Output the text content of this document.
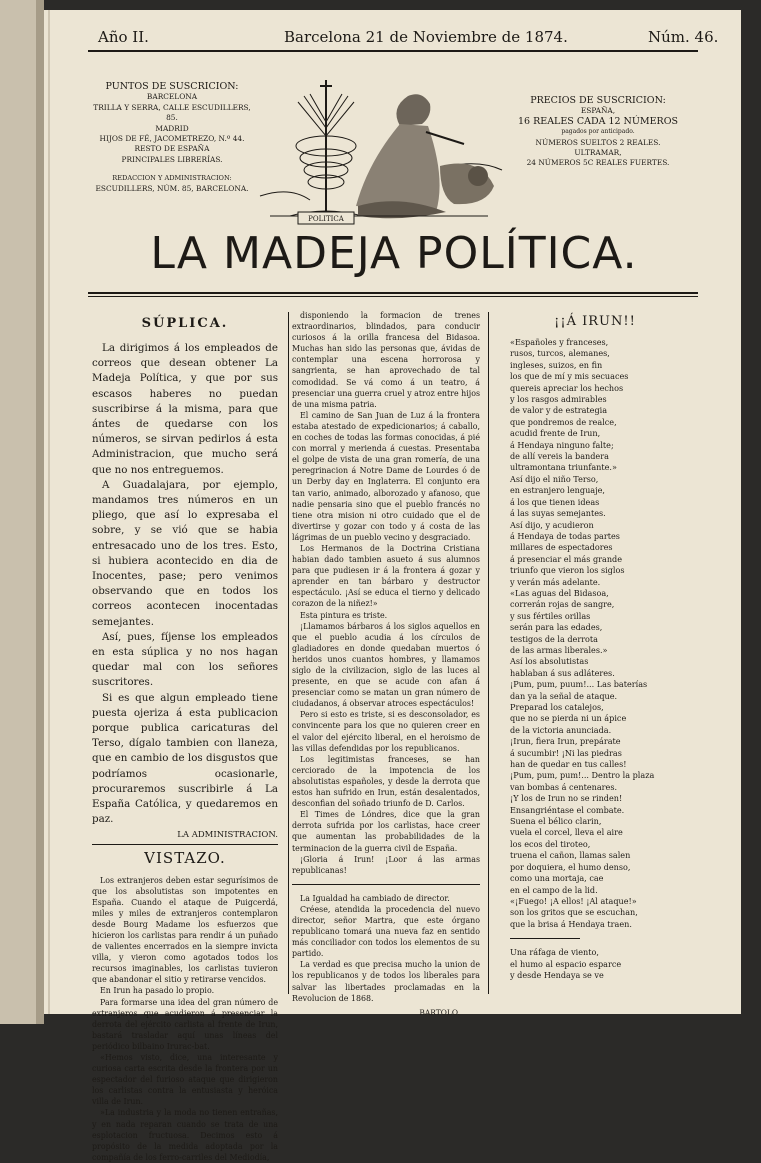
Año II.	Barcelona 21 de Noviembre de 1874.	Núm. 46.
PUNTOS DE SUSCRICION:
BARCELONA
TRILLA Y SERRA, CALLE ESCUDILLERS, 85.
MADRID
HIJOS DE FÉ, JACOMETREZO, N.º 44.
RESTO DE ESPAÑA
PRINCIPALES LIBRERÍAS.
REDACCION Y ADMINISTRACION:
ESCUDILLERS, NÚM. 85, BARCELONA.
POLITICA
PRECIOS DE SUSCRICION:
ESPAÑA,
16 REALES CADA 12 NÚMEROS
pagados por anticipado.
NÚMEROS SUELTOS 2 REALES.
ULTRAMAR,
24 NÚMEROS 5C REALES FUERTES.
LA MADEJA POLÍTICA.
SÚPLICA.

La dirigimos á los empleados de correos que desean obtener La Madeja Política, y que por sus escasos haberes no puedan suscribirse á la misma, para que ántes de quedarse con los números, se sirvan pedirlos á esta Administracion, que mucho será que no nos entreguemos.

A Guadalajara, por ejemplo, mandamos tres números en un pliego, que así lo expresaba el sobre, y se vió que se habia entresacado uno de los tres. Esto, si hubiera acontecido en dia de Inocentes, pase; pero venimos observando que en todos los correos acontecen inocentadas semejantes.

Así, pues, fíjense los empleados en esta súplica y no nos hagan quedar mal con los señores suscritores.

Si es que algun empleado tiene puesta ojeriza á esta publicacion porque publica caricaturas del Terso, dígalo tambien con llaneza, que en cambio de los disgustos que podríamos ocasionarle, procuraremos suscribirle á La España Católica, y quedaremos en paz.

LA ADMINISTRACION.
VISTAZO.

Los extranjeros deben estar segurísimos de que los absolutistas son impotentes en España. Cuando el ataque de Puigcerdá, miles y miles de extranjeros contemplaron desde Bourg Madame los esfuerzos que hicieron los carlistas para rendir á un puñado de valientes encerrados en la siempre invicta villa, y vieron como agotados todos los recursos imaginables, los carlistas tuvieron que abandonar el sitio y retirarse vencidos.

En Irun ha pasado lo propio.

Para formarse una idea del gran número de extranjeros que acudieron á presenciar la derrota del ejército carlista al frente de Irun, bastará trasladar aquí unas líneas del periódico bilbaino Irurac-bat.

«Hemos visto, dice, una interesante y curiosa carta escrita desde la frontera por un espectador del furioso ataque que dirigieron los carlistas contra la entusiasta y heróica villa de Irun.

»La industria y la moda no tienen entrañas, y en nada reparan cuando se trata de una esplotacion fructuosa. Decimos esto á propósito de la medida adoptada por la compañía de los ferro-carriles del Mediodía,

disponiendo la formacion de trenes extraordinarios, blindados, para conducir curiosos á la orilla francesa del Bidasoa. Muchas han sido las personas que, ávidas de contemplar una escena horrorosa y sangrienta, se han aprovechado de tal comodidad. Se vá como á un teatro, á presenciar una guerra cruel y atroz entre hijos de una misma patria.

El camino de San Juan de Luz á la frontera estaba atestado de expedicionarios; á caballo, en coches de todas las formas conocidas, á pié con morral y merienda á cuestas. Presentaba el golpe de vista de una gran romería, de una peregrinacion á Notre Dame de Lourdes ó de un Derby day en Inglaterra. El conjunto era tan vario, animado, alborozado y afanoso, que nadie pensaria sino que el pueblo francés no tiene otra mision ni otro cuidado que el de divertirse y gozar con todo y á costa de las lágrimas de un pueblo vecino y desgraciado.

Los Hermanos de la Doctrina Cristiana habian dado tambien asueto á sus alumnos para que pudiesen ir á la frontera á gozar y aprender en tan bárbaro y destructor espectáculo. ¡Así se educa el tierno y delicado corazon de la niñez!»

Esta pintura es triste.

¡Llamamos bárbaros á los siglos aquellos en que el pueblo acudia á los círculos de gladiadores en donde quedaban muertos ó heridos unos cuantos hombres, y llamamos siglo de la civilizacion, siglo de las luces al presente, en que se acude con afan á presenciar como se matan un gran número de ciudadanos, á observar atroces espectáculos!

Pero si esto es triste, si es desconsolador, es convincente para los que no quieren creer en el valor del ejército liberal, en el heroismo de las villas defendidas por los republicanos.

Los legitimistas franceses, se han cerciorado de la impotencia de los absolutistas españoles, y desde la derrota que estos han sufrido en Irun, están desalentados, desconfian del soñado triunfo de D. Carlos.

El Times de Lóndres, dice que la gran derrota sufrida por los carlistas, hace creer que aumentan las probabilidades de la terminacion de la guerra civil de España.

¡Gloria á Irun! ¡Loor á las armas republicanas!

La Igualdad ha cambiado de director.

Créese, atendida la procedencia del nuevo director, señor Martra, que este órgano republicano tomará una nueva faz en sentido más conciliador con todos los elementos de su partido.

La verdad es que precisa mucho la union de los republicanos y de todos los liberales para salvar las libertades proclamadas en la Revolucion de 1868.

BARTOLO.
¡¡Á IRUN!!
«Españoles y franceses,
rusos, turcos, alemanes,
ingleses, suizos, en fin
los que de mí y mis secuaces
quereis apreciar los hechos
y los rasgos admirables
de valor y de estrategia
que pondremos de realce,
acudid frente de Irun,
á Hendaya ninguno falte;
de allí vereis la bandera
ultramontana triunfante.»
Así dijo el niño Terso,
en estranjero lenguaje,
á los que tienen ideas
á las suyas semejantes.
Así dijo, y acudieron
á Hendaya de todas partes
millares de espectadores
á presenciar el más grande
triunfo que vieron los siglos
y verán más adelante.
«Las aguas del Bidasoa,
correrán rojas de sangre,
y sus fértiles orillas
serán para las edades,
testigos de la derrota
de las armas liberales.»
Así los absolutistas
hablaban á sus adláteres.
¡Pum, pum, puum!... Las baterías
dan ya la señal de ataque.
Preparad los catalejos,
que no se pierda ni un ápice
de la victoria anunciada.
¡Irun, fiera Irun, prepárate
á sucumbir! ¡Ni las piedras
han de quedar en tus calles!
¡Pum, pum, pum!... Dentro la plaza
van bombas á centenares.
¡Y los de Irun no se rinden!
Ensangriéntase el combate.
Suena el bélico clarin,
vuela el corcel, lleva el aire
los ecos del tiroteo,
truena el cañon, llamas salen
por doquiera, el humo denso,
como una mortaja, cae
en el campo de la lid.
«¡Fuego! ¡A ellos! ¡Al ataque!»
son los gritos que se escuchan,
que la brisa á Hendaya traen.
Una ráfaga de viento,
el humo al espacio esparce
y desde Hendaya se ve
